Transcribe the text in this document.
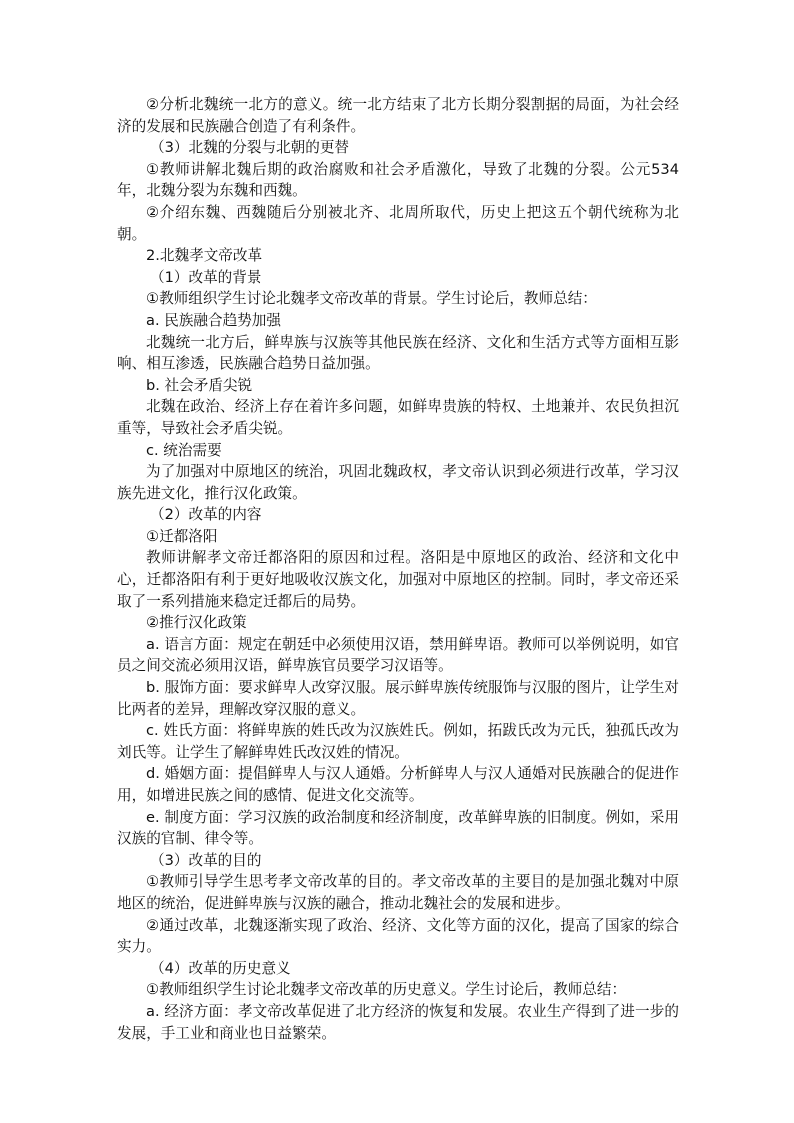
②分析北魏统一北方的意义。统一北方结束了北方长期分裂割据的局面，为社会经济的发展和民族融合创造了有利条件。

（3）北魏的分裂与北朝的更替

①教师讲解北魏后期的政治腐败和社会矛盾激化，导致了北魏的分裂。公元534 年，北魏分裂为东魏和西魏。

②介绍东魏、西魏随后分别被北齐、北周所取代，历史上把这五个朝代统称为北朝。

2.北魏孝文帝改革

（1）改革的背景

①教师组织学生讨论北魏孝文帝改革的背景。学生讨论后，教师总结：

a. 民族融合趋势加强

北魏统一北方后，鲜卑族与汉族等其他民族在经济、文化和生活方式等方面相互影响、相互渗透，民族融合趋势日益加强。

b. 社会矛盾尖锐

北魏在政治、经济上存在着许多问题，如鲜卑贵族的特权、土地兼并、农民负担沉重等，导致社会矛盾尖锐。

c. 统治需要

为了加强对中原地区的统治，巩固北魏政权，孝文帝认识到必须进行改革，学习汉族先进文化，推行汉化政策。

（2）改革的内容

①迁都洛阳

教师讲解孝文帝迁都洛阳的原因和过程。洛阳是中原地区的政治、经济和文化中心，迁都洛阳有利于更好地吸收汉族文化，加强对中原地区的控制。同时，孝文帝还采取了一系列措施来稳定迁都后的局势。

②推行汉化政策

a. 语言方面：规定在朝廷中必须使用汉语，禁用鲜卑语。教师可以举例说明，如官员之间交流必须用汉语，鲜卑族官员要学习汉语等。

b. 服饰方面：要求鲜卑人改穿汉服。展示鲜卑族传统服饰与汉服的图片，让学生对比两者的差异，理解改穿汉服的意义。

c. 姓氏方面：将鲜卑族的姓氏改为汉族姓氏。例如，拓跋氏改为元氏，独孤氏改为刘氏等。让学生了解鲜卑姓氏改汉姓的情况。

d. 婚姻方面：提倡鲜卑人与汉人通婚。分析鲜卑人与汉人通婚对民族融合的促进作用，如增进民族之间的感情、促进文化交流等。

e. 制度方面：学习汉族的政治制度和经济制度，改革鲜卑族的旧制度。例如，采用汉族的官制、律令等。

（3）改革的目的

①教师引导学生思考孝文帝改革的目的。孝文帝改革的主要目的是加强北魏对中原地区的统治，促进鲜卑族与汉族的融合，推动北魏社会的发展和进步。

②通过改革，北魏逐渐实现了政治、经济、文化等方面的汉化，提高了国家的综合实力。

（4）改革的历史意义

①教师组织学生讨论北魏孝文帝改革的历史意义。学生讨论后，教师总结：

a. 经济方面：孝文帝改革促进了北方经济的恢复和发展。农业生产得到了进一步的发展，手工业和商业也日益繁荣。
